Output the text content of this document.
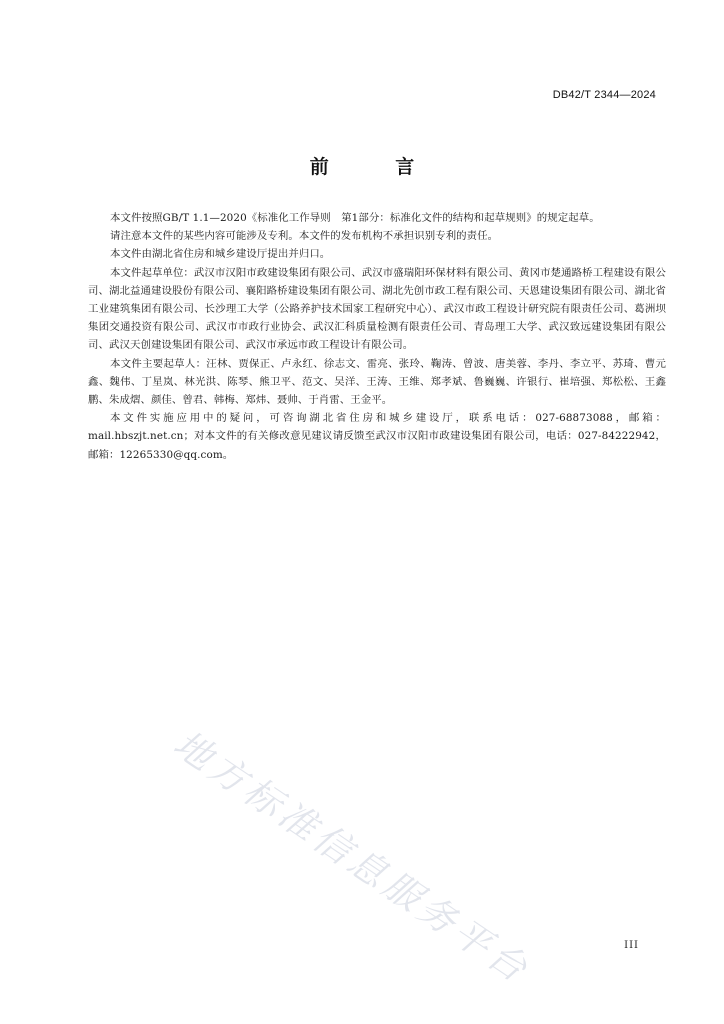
DB42/T 2344—2024
前 言

本文件按照GB/T 1.1—2020《标准化工作导则　第1部分：标准化文件的结构和起草规则》的规定起草。

请注意本文件的某些内容可能涉及专利。本文件的发布机构不承担识别专利的责任。

本文件由湖北省住房和城乡建设厅提出并归口。

本文件起草单位：武汉市汉阳市政建设集团有限公司、武汉市盛瑞阳环保材料有限公司、黄冈市楚通路桥工程建设有限公司、湖北益通建设股份有限公司、襄阳路桥建设集团有限公司、湖北先创市政工程有限公司、天恩建设集团有限公司、湖北省工业建筑集团有限公司、长沙理工大学（公路养护技术国家工程研究中心）、武汉市政工程设计研究院有限责任公司、葛洲坝集团交通投资有限公司、武汉市市政行业协会、武汉汇科质量检测有限责任公司、青岛理工大学、武汉致远建设集团有限公司、武汉天创建设集团有限公司、武汉市承远市政工程设计有限公司。

本文件主要起草人：汪林、贾保正、卢永红、徐志文、雷亮、张玲、鞠涛、曾波、唐美蓉、李丹、李立平、苏琦、曹元鑫、魏伟、丁星岚、林光洪、陈琴、熊卫平、范文、吴洋、王涛、王维、郑孝斌、鲁巍巍、许银行、崔培强、郑松松、王鑫鹏、朱成熠、颜佳、曾君、韩梅、郑炜、聂帅、于肖雷、王金平。

本文件实施应用中的疑问，可咨询湖北省住房和城乡建设厅，联系电话：027-68873088，邮箱：mail.hbszjt.net.cn；对本文件的有关修改意见建议请反馈至武汉市汉阳市政建设集团有限公司，电话：027-84222942，邮箱：12265330@qq.com。

地方标准信息服务平台	III
